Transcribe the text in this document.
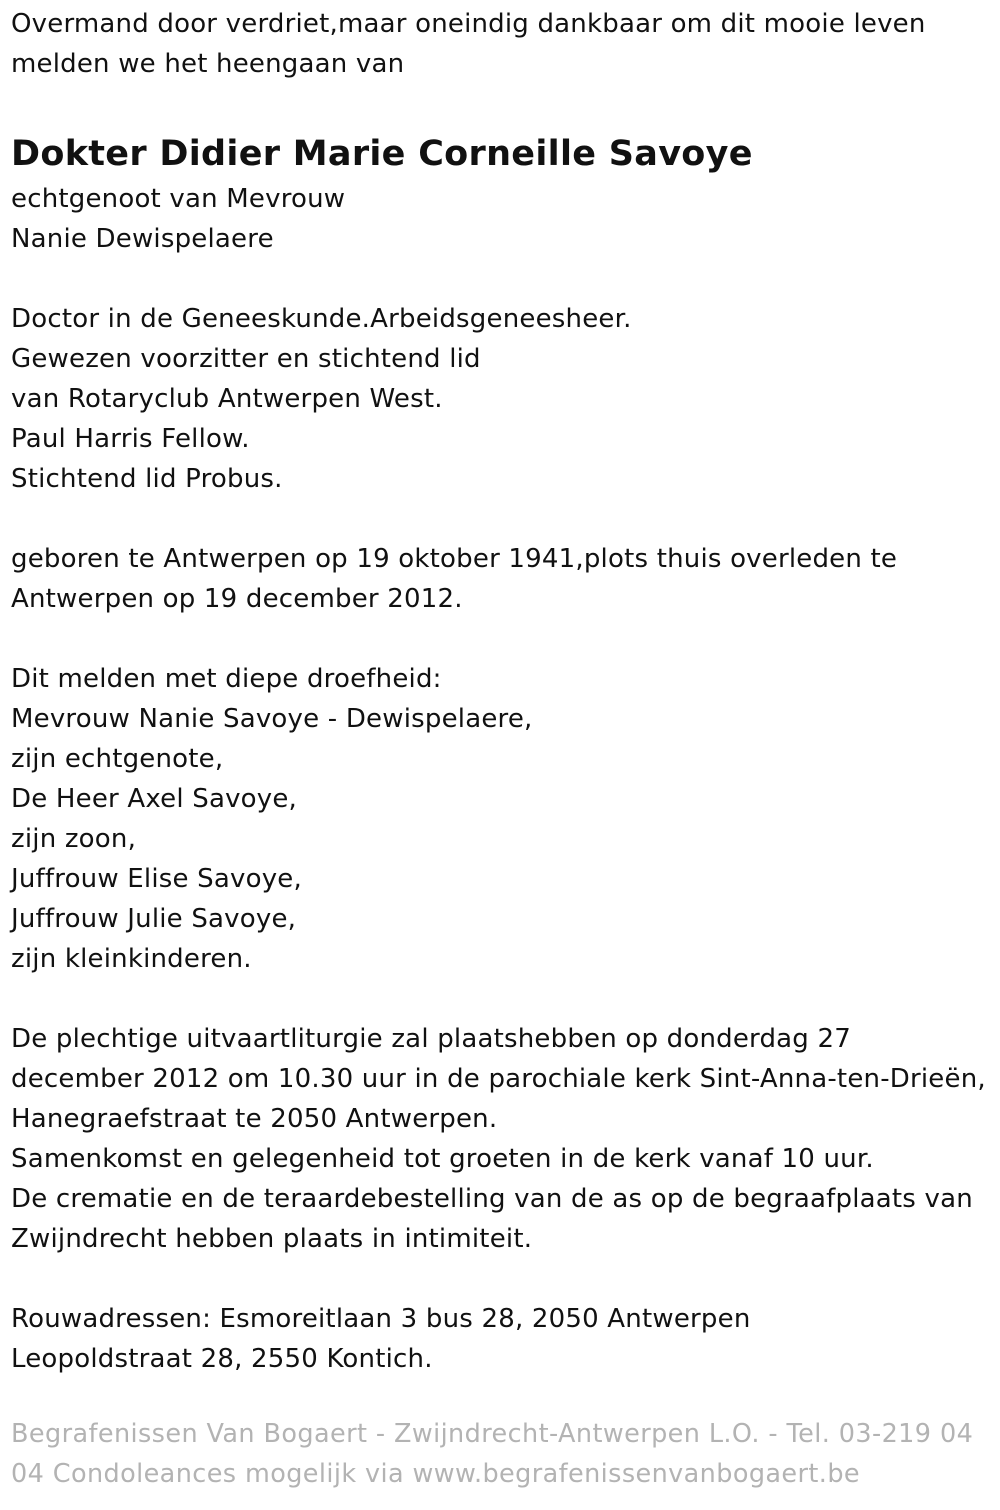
Overmand door verdriet,maar oneindig dankbaar om dit mooie leven
melden we het heengaan van
Dokter Didier Marie Corneille Savoye
echtgenoot van Mevrouw
Nanie Dewispelaere
Doctor in de Geneeskunde.Arbeidsgeneesheer.
Gewezen voorzitter en stichtend lid
van Rotaryclub Antwerpen West.
Paul Harris Fellow.
Stichtend lid Probus.
geboren te Antwerpen op 19 oktober 1941,plots thuis overleden te
Antwerpen op 19 december 2012.
Dit melden met diepe droefheid:
Mevrouw Nanie Savoye - Dewispelaere,
zijn echtgenote,
De Heer Axel Savoye,
zijn zoon,
Juffrouw Elise Savoye,
Juffrouw Julie Savoye,
zijn kleinkinderen.
De plechtige uitvaartliturgie zal plaatshebben op donderdag 27
december 2012 om 10.30 uur in de parochiale kerk Sint-Anna-ten-Drieën,
Hanegraefstraat te 2050 Antwerpen.
Samenkomst en gelegenheid tot groeten in de kerk vanaf 10 uur.
De crematie en de teraardebestelling van de as op de begraafplaats van
Zwijndrecht hebben plaats in intimiteit.
Rouwadressen: Esmoreitlaan 3 bus 28, 2050 Antwerpen
Leopoldstraat 28, 2550 Kontich.
Begrafenissen Van Bogaert - Zwijndrecht-Antwerpen L.O. - Tel. 03-219 04
04 Condoleances mogelijk via www.begrafenissenvanbogaert.be
